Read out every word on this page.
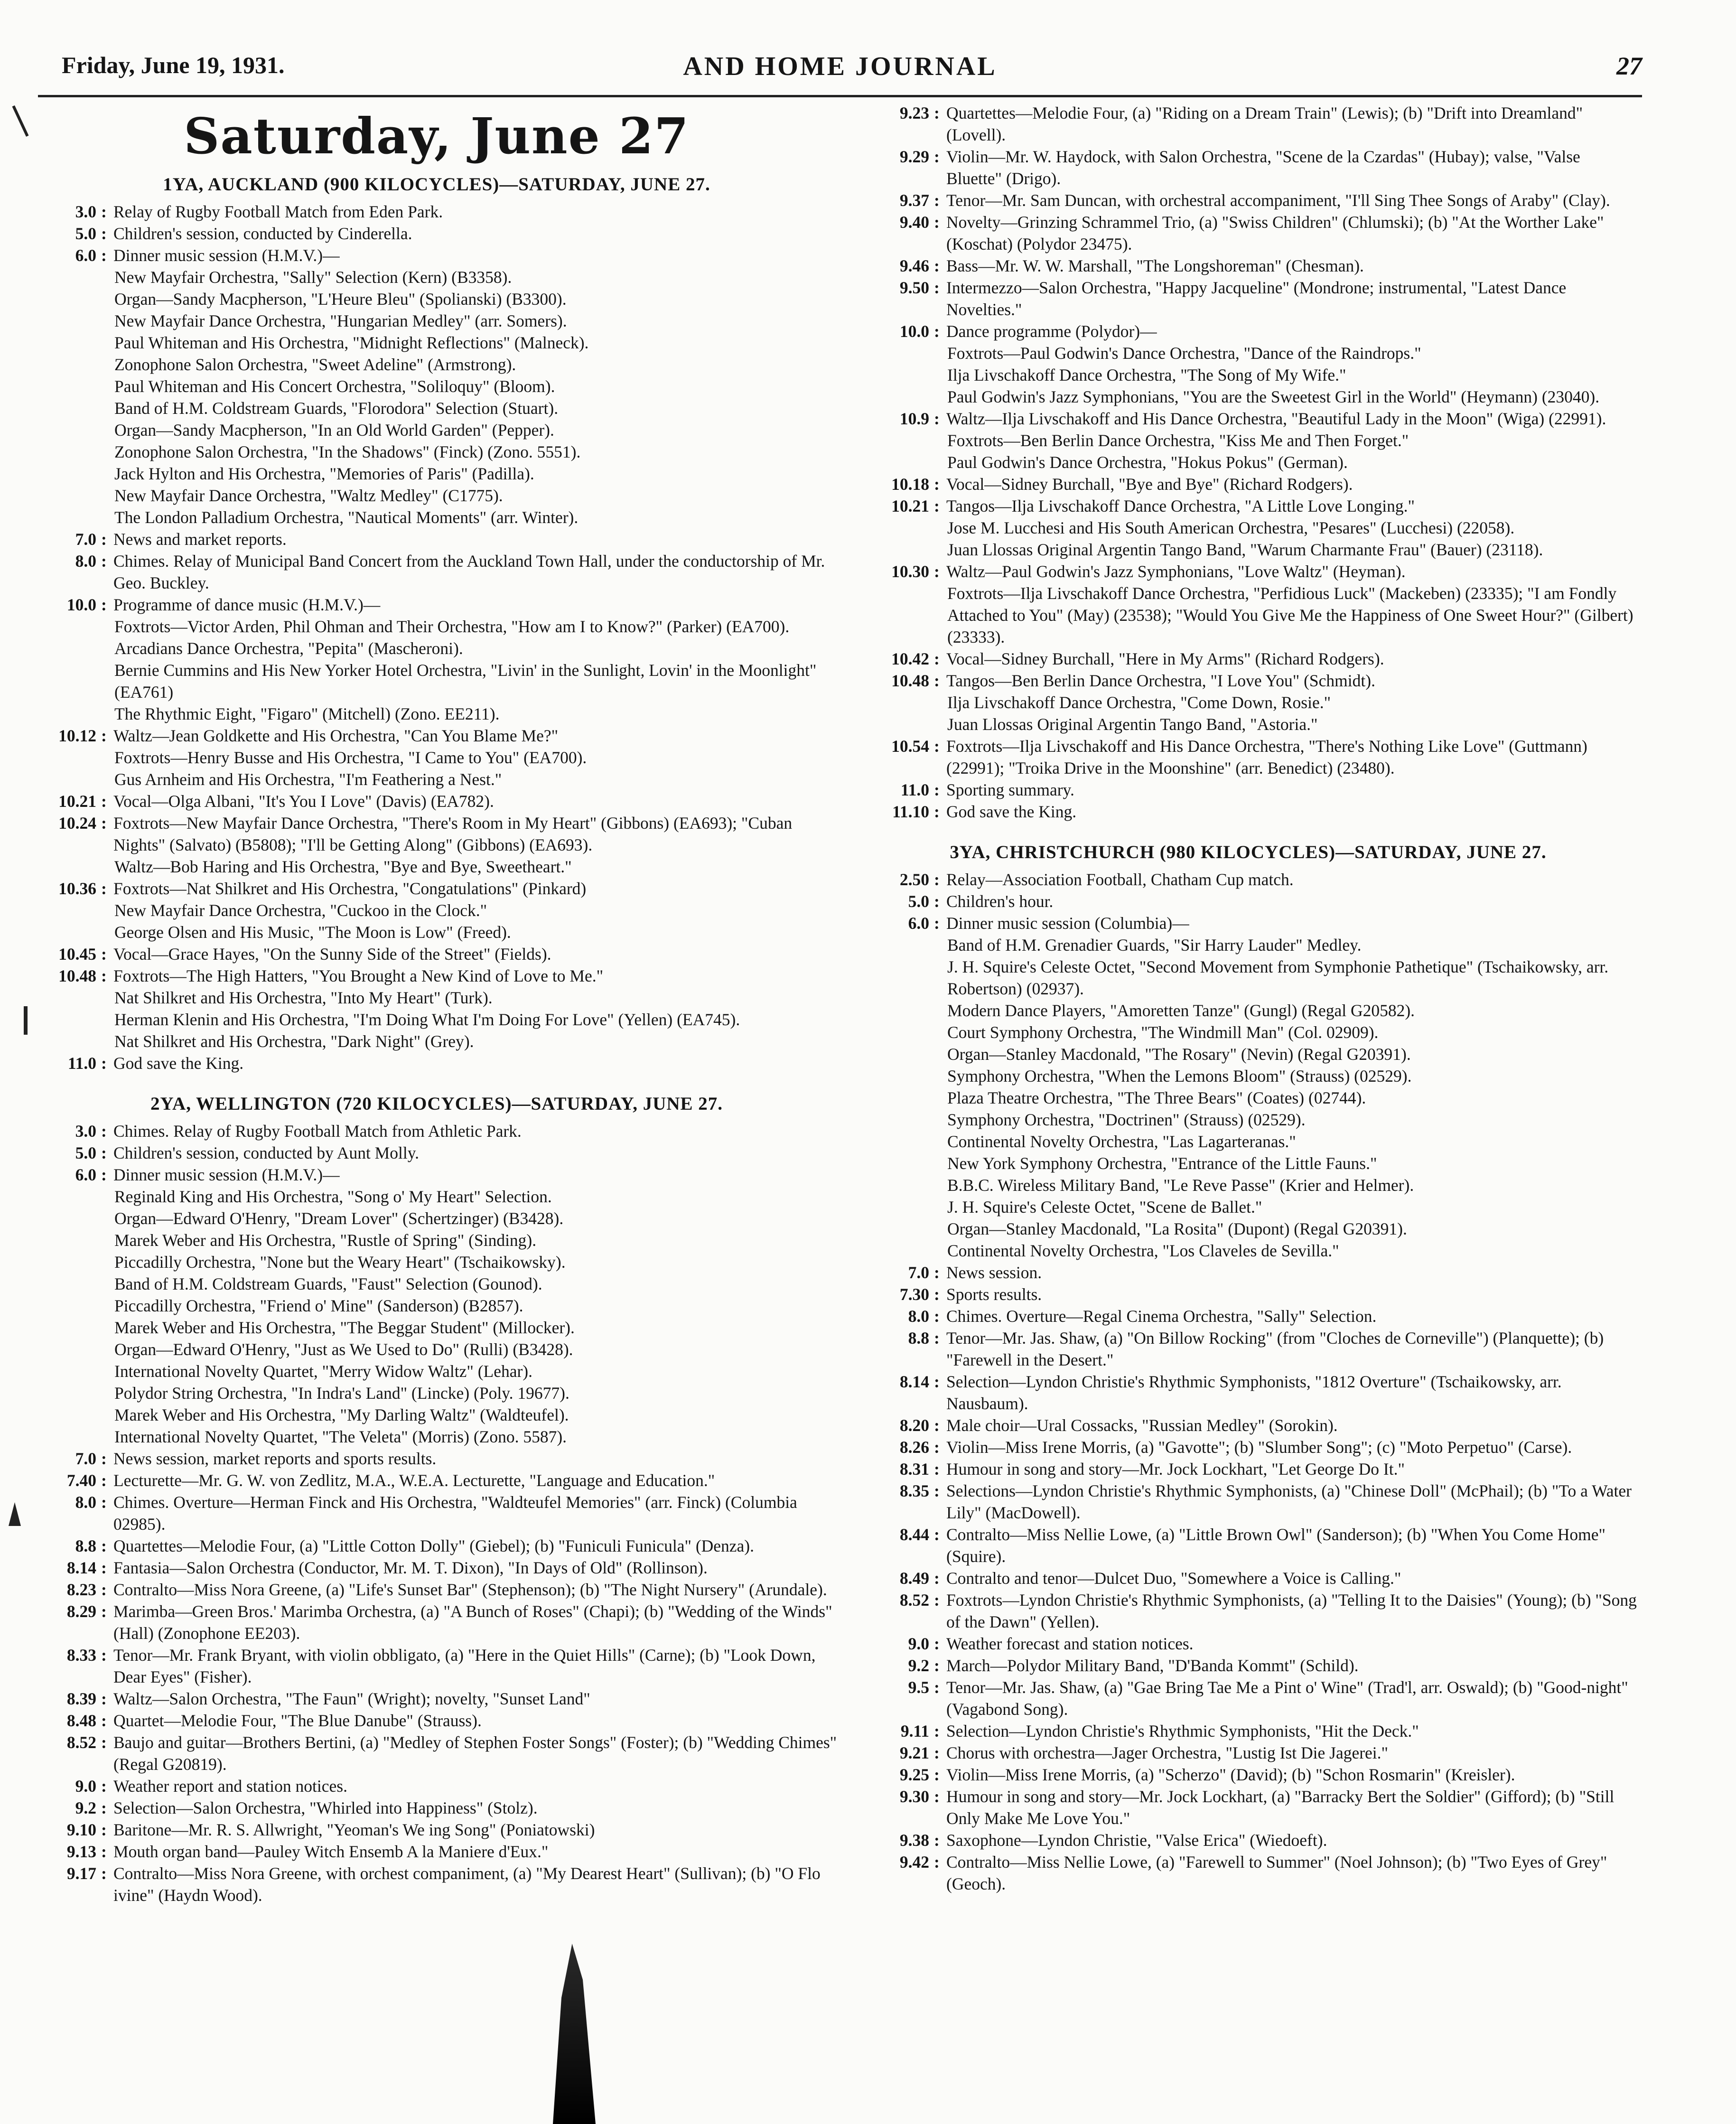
Friday, June 19, 1931.	AND HOME JOURNAL	27
Saturday, June 27
1YA, AUCKLAND (900 KILOCYCLES)—SATURDAY, JUNE 27.
3.0 : Relay of Rugby Football Match from Eden Park.
5.0 : Children's session, conducted by Cinderella.
6.0 : Dinner music session (H.M.V.)—
New Mayfair Orchestra, "Sally" Selection (Kern) (B3358).
Organ—Sandy Macpherson, "L'Heure Bleu" (Spolianski) (B3300).
New Mayfair Dance Orchestra, "Hungarian Medley" (arr. Somers).
Paul Whiteman and His Orchestra, "Midnight Reflections" (Malneck).
Zonophone Salon Orchestra, "Sweet Adeline" (Armstrong).
Paul Whiteman and His Concert Orchestra, "Soliloquy" (Bloom).
Band of H.M. Coldstream Guards, "Florodora" Selection (Stuart).
Organ—Sandy Macpherson, "In an Old World Garden" (Pepper).
Zonophone Salon Orchestra, "In the Shadows" (Finck) (Zono. 5551).
Jack Hylton and His Orchestra, "Memories of Paris" (Padilla).
New Mayfair Dance Orchestra, "Waltz Medley" (C1775).
The London Palladium Orchestra, "Nautical Moments" (arr. Winter).
7.0 : News and market reports.
8.0 : Chimes. Relay of Municipal Band Concert from the Auckland Town Hall, under the conductorship of Mr. Geo. Buckley.
10.0 : Programme of dance music (H.M.V.)—
Foxtrots—Victor Arden, Phil Ohman and Their Orchestra, "How am I to Know?" (Parker) (EA700).
Arcadians Dance Orchestra, "Pepita" (Mascheroni).
Bernie Cummins and His New Yorker Hotel Orchestra, "Livin' in the Sunlight, Lovin' in the Moonlight" (EA761)
The Rhythmic Eight, "Figaro" (Mitchell) (Zono. EE211).
10.12 : Waltz—Jean Goldkette and His Orchestra, "Can You Blame Me?"
Foxtrots—Henry Busse and His Orchestra, "I Came to You" (EA700).
Gus Arnheim and His Orchestra, "I'm Feathering a Nest."
10.21 : Vocal—Olga Albani, "It's You I Love" (Davis) (EA782).
10.24 : Foxtrots—New Mayfair Dance Orchestra, "There's Room in My Heart" (Gibbons) (EA693); "Cuban Nights" (Salvato) (B5808); "I'll be Getting Along" (Gibbons) (EA693).
Waltz—Bob Haring and His Orchestra, "Bye and Bye, Sweetheart."
10.36 : Foxtrots—Nat Shilkret and His Orchestra, "Congatulations" (Pinkard)
New Mayfair Dance Orchestra, "Cuckoo in the Clock."
George Olsen and His Music, "The Moon is Low" (Freed).
10.45 : Vocal—Grace Hayes, "On the Sunny Side of the Street" (Fields).
10.48 : Foxtrots—The High Hatters, "You Brought a New Kind of Love to Me."
Nat Shilkret and His Orchestra, "Into My Heart" (Turk).
Herman Klenin and His Orchestra, "I'm Doing What I'm Doing For Love" (Yellen) (EA745).
Nat Shilkret and His Orchestra, "Dark Night" (Grey).
11.0 : God save the King.
2YA, WELLINGTON (720 KILOCYCLES)—SATURDAY, JUNE 27.
3.0 : Chimes. Relay of Rugby Football Match from Athletic Park.
5.0 : Children's session, conducted by Aunt Molly.
6.0 : Dinner music session (H.M.V.)—
Reginald King and His Orchestra, "Song o' My Heart" Selection.
Organ—Edward O'Henry, "Dream Lover" (Schertzinger) (B3428).
Marek Weber and His Orchestra, "Rustle of Spring" (Sinding).
Piccadilly Orchestra, "None but the Weary Heart" (Tschaikowsky).
Band of H.M. Coldstream Guards, "Faust" Selection (Gounod).
Piccadilly Orchestra, "Friend o' Mine" (Sanderson) (B2857).
Marek Weber and His Orchestra, "The Beggar Student" (Millocker).
Organ—Edward O'Henry, "Just as We Used to Do" (Rulli) (B3428).
International Novelty Quartet, "Merry Widow Waltz" (Lehar).
Polydor String Orchestra, "In Indra's Land" (Lincke) (Poly. 19677).
Marek Weber and His Orchestra, "My Darling Waltz" (Waldteufel).
International Novelty Quartet, "The Veleta" (Morris) (Zono. 5587).
7.0 : News session, market reports and sports results.
7.40 : Lecturette—Mr. G. W. von Zedlitz, M.A., W.E.A. Lecturette, "Language and Education."
8.0 : Chimes. Overture—Herman Finck and His Orchestra, "Waldteufel Memories" (arr. Finck) (Columbia 02985).
8.8 : Quartettes—Melodie Four, (a) "Little Cotton Dolly" (Giebel); (b) "Funiculi Funicula" (Denza).
8.14 : Fantasia—Salon Orchestra (Conductor, Mr. M. T. Dixon), "In Days of Old" (Rollinson).
8.23 : Contralto—Miss Nora Greene, (a) "Life's Sunset Bar" (Stephenson); (b) "The Night Nursery" (Arundale).
8.29 : Marimba—Green Bros.' Marimba Orchestra, (a) "A Bunch of Roses" (Chapi); (b) "Wedding of the Winds" (Hall) (Zonophone EE203).
8.33 : Tenor—Mr. Frank Bryant, with violin obbligato, (a) "Here in the Quiet Hills" (Carne); (b) "Look Down, Dear Eyes" (Fisher).
8.39 : Waltz—Salon Orchestra, "The Faun" (Wright); novelty, "Sunset Land"
8.48 : Quartet—Melodie Four, "The Blue Danube" (Strauss).
8.52 : Baujo and guitar—Brothers Bertini, (a) "Medley of Stephen Foster Songs" (Foster); (b) "Wedding Chimes" (Regal G20819).
9.0 : Weather report and station notices.
9.2 : Selection—Salon Orchestra, "Whirled into Happiness" (Stolz).
9.10 : Baritone—Mr. R. S. Allwright, "Yeoman's We ing Song" (Poniatowski)
9.13 : Mouth organ band—Pauley Witch Ensemb A la Maniere d'Eux."
9.17 : Contralto—Miss Nora Greene, with orchest companiment, (a) "My Dearest Heart" (Sullivan); (b) "O Flo ivine" (Haydn Wood).
9.23 : Quartettes—Melodie Four, (a) "Riding on a Dream Train" (Lewis); (b) "Drift into Dreamland" (Lovell).
9.29 : Violin—Mr. W. Haydock, with Salon Orchestra, "Scene de la Czardas" (Hubay); valse, "Valse Bluette" (Drigo).
9.37 : Tenor—Mr. Sam Duncan, with orchestral accompaniment, "I'll Sing Thee Songs of Araby" (Clay).
9.40 : Novelty—Grinzing Schrammel Trio, (a) "Swiss Children" (Chlumski); (b) "At the Worther Lake" (Koschat) (Polydor 23475).
9.46 : Bass—Mr. W. W. Marshall, "The Longshoreman" (Chesman).
9.50 : Intermezzo—Salon Orchestra, "Happy Jacqueline" (Mondrone; instrumental, "Latest Dance Novelties."
10.0 : Dance programme (Polydor)—
Foxtrots—Paul Godwin's Dance Orchestra, "Dance of the Raindrops."
Ilja Livschakoff Dance Orchestra, "The Song of My Wife."
Paul Godwin's Jazz Symphonians, "You are the Sweetest Girl in the World" (Heymann) (23040).
10.9 : Waltz—Ilja Livschakoff and His Dance Orchestra, "Beautiful Lady in the Moon" (Wiga) (22991).
Foxtrots—Ben Berlin Dance Orchestra, "Kiss Me and Then Forget."
Paul Godwin's Dance Orchestra, "Hokus Pokus" (German).
10.18 : Vocal—Sidney Burchall, "Bye and Bye" (Richard Rodgers).
10.21 : Tangos—Ilja Livschakoff Dance Orchestra, "A Little Love Longing."
Jose M. Lucchesi and His South American Orchestra, "Pesares" (Lucchesi) (22058).
Juan Llossas Original Argentin Tango Band, "Warum Charmante Frau" (Bauer) (23118).
10.30 : Waltz—Paul Godwin's Jazz Symphonians, "Love Waltz" (Heyman).
Foxtrots—Ilja Livschakoff Dance Orchestra, "Perfidious Luck" (Mackeben) (23335); "I am Fondly Attached to You" (May) (23538); "Would You Give Me the Happiness of One Sweet Hour?" (Gilbert) (23333).
10.42 : Vocal—Sidney Burchall, "Here in My Arms" (Richard Rodgers).
10.48 : Tangos—Ben Berlin Dance Orchestra, "I Love You" (Schmidt).
Ilja Livschakoff Dance Orchestra, "Come Down, Rosie."
Juan Llossas Original Argentin Tango Band, "Astoria."
10.54 : Foxtrots—Ilja Livschakoff and His Dance Orchestra, "There's Nothing Like Love" (Guttmann) (22991); "Troika Drive in the Moonshine" (arr. Benedict) (23480).
11.0 : Sporting summary.
11.10 : God save the King.
3YA, CHRISTCHURCH (980 KILOCYCLES)—SATURDAY, JUNE 27.
2.50 : Relay—Association Football, Chatham Cup match.
5.0 : Children's hour.
6.0 : Dinner music session (Columbia)—
Band of H.M. Grenadier Guards, "Sir Harry Lauder" Medley.
J. H. Squire's Celeste Octet, "Second Movement from Symphonie Pathetique" (Tschaikowsky, arr. Robertson) (02937).
Modern Dance Players, "Amoretten Tanze" (Gungl) (Regal G20582).
Court Symphony Orchestra, "The Windmill Man" (Col. 02909).
Organ—Stanley Macdonald, "The Rosary" (Nevin) (Regal G20391).
Symphony Orchestra, "When the Lemons Bloom" (Strauss) (02529).
Plaza Theatre Orchestra, "The Three Bears" (Coates) (02744).
Symphony Orchestra, "Doctrinen" (Strauss) (02529).
Continental Novelty Orchestra, "Las Lagarteranas."
New York Symphony Orchestra, "Entrance of the Little Fauns."
B.B.C. Wireless Military Band, "Le Reve Passe" (Krier and Helmer).
J. H. Squire's Celeste Octet, "Scene de Ballet."
Organ—Stanley Macdonald, "La Rosita" (Dupont) (Regal G20391).
Continental Novelty Orchestra, "Los Claveles de Sevilla."
7.0 : News session.
7.30 : Sports results.
8.0 : Chimes. Overture—Regal Cinema Orchestra, "Sally" Selection.
8.8 : Tenor—Mr. Jas. Shaw, (a) "On Billow Rocking" (from "Cloches de Corneville") (Planquette); (b) "Farewell in the Desert."
8.14 : Selection—Lyndon Christie's Rhythmic Symphonists, "1812 Overture" (Tschaikowsky, arr. Nausbaum).
8.20 : Male choir—Ural Cossacks, "Russian Medley" (Sorokin).
8.26 : Violin—Miss Irene Morris, (a) "Gavotte"; (b) "Slumber Song"; (c) "Moto Perpetuo" (Carse).
8.31 : Humour in song and story—Mr. Jock Lockhart, "Let George Do It."
8.35 : Selections—Lyndon Christie's Rhythmic Symphonists, (a) "Chinese Doll" (McPhail); (b) "To a Water Lily" (MacDowell).
8.44 : Contralto—Miss Nellie Lowe, (a) "Little Brown Owl" (Sanderson); (b) "When You Come Home" (Squire).
8.49 : Contralto and tenor—Dulcet Duo, "Somewhere a Voice is Calling."
8.52 : Foxtrots—Lyndon Christie's Rhythmic Symphonists, (a) "Telling It to the Daisies" (Young); (b) "Song of the Dawn" (Yellen).
9.0 : Weather forecast and station notices.
9.2 : March—Polydor Military Band, "D'Banda Kommt" (Schild).
9.5 : Tenor—Mr. Jas. Shaw, (a) "Gae Bring Tae Me a Pint o' Wine" (Trad'l, arr. Oswald); (b) "Good-night" (Vagabond Song).
9.11 : Selection—Lyndon Christie's Rhythmic Symphonists, "Hit the Deck."
9.21 : Chorus with orchestra—Jager Orchestra, "Lustig Ist Die Jagerei."
9.25 : Violin—Miss Irene Morris, (a) "Scherzo" (David); (b) "Schon Rosmarin" (Kreisler).
9.30 : Humour in song and story—Mr. Jock Lockhart, (a) "Barracky Bert the Soldier" (Gifford); (b) "Still Only Make Me Love You."
9.38 : Saxophone—Lyndon Christie, "Valse Erica" (Wiedoeft).
9.42 : Contralto—Miss Nellie Lowe, (a) "Farewell to Summer" (Noel Johnson); (b) "Two Eyes of Grey" (Geoch).
